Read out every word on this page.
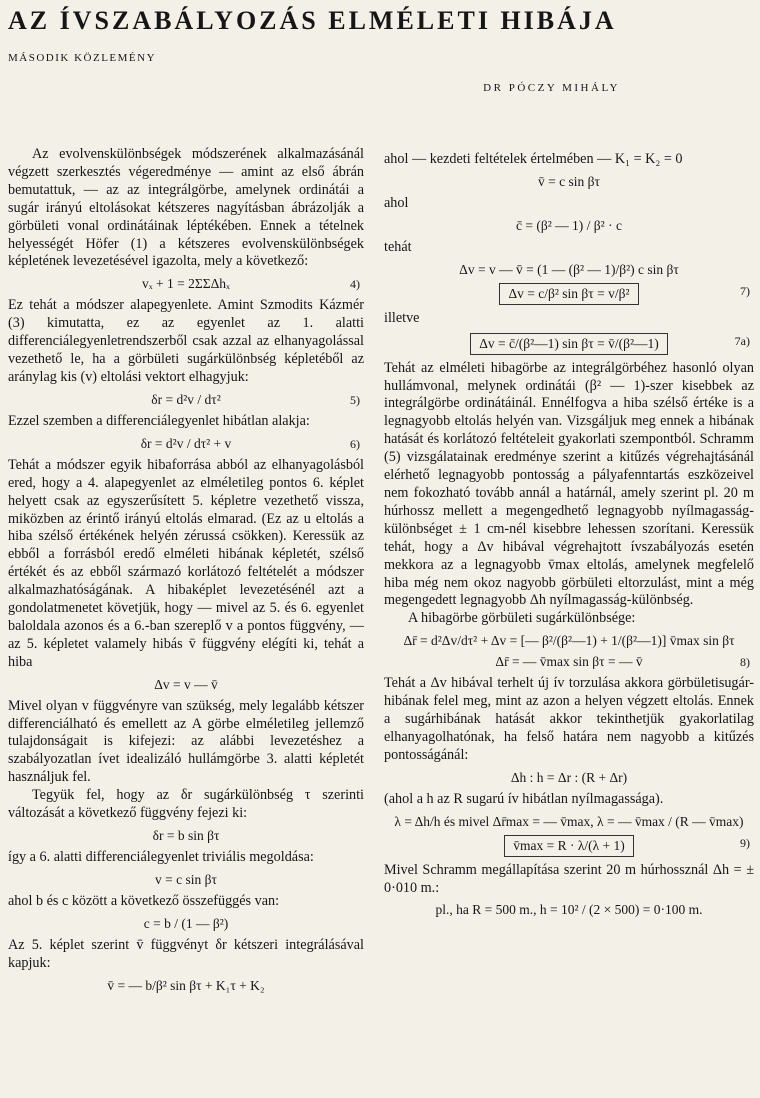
AZ ÍVSZABÁLYOZÁS ELMÉLETI HIBÁJA
MÁSODIK KÖZLEMÉNY
DR PÓCZY MIHÁLY

Az evolvenskülönbségek módszerének alkalmazásánál végzett szerkesztés végeredménye — amint az első ábrán bemutattuk, — az az integrálgörbe, amelynek ordinátái a sugár irányú eltolásokat kétszeres nagyításban ábrázolják a görbületi vonal ordinátáinak léptékében. Ennek a tételnek helyességét Höfer (1) a kétszeres evolvenskülönbségek képletének levezetésével igazolta, mely a következő:

vₓ + 1 = 2ΣΣΔhₓ	4)

Ez tehát a módszer alapegyenlete. Amint Szmodits Kázmér (3) kimutatta, ez az egyenlet az 1. alatti differenciálegyenletrendszerből csak azzal az elhanyagolással vezethető le, ha a görbületi sugárkülönbség képletéből az aránylag kis (v) eltolási vektort elhagyjuk:

δr = d²v / dτ²	5)

Ezzel szemben a differenciálegyenlet hibátlan alakja:

δr = d²v / dτ² + v	6)

Tehát a módszer egyik hibaforrása abból az elhanyagolásból ered, hogy a 4. alapegyenlet az elméletileg pontos 6. képlet helyett csak az egyszerűsített 5. képletre vezethető vissza, miközben az érintő irányú eltolás elmarad. (Ez az u eltolás a hiba szélső értékének helyén zérussá csökken). Keressük az ebből a forrásból eredő elméleti hibának képletét, szélső értékét és az ebből származó korlátozó feltételét a módszer alkalmazhatóságának. A hibaképlet levezetésénél azt a gondolatmenetet követjük, hogy — mivel az 5. és 6. egyenlet baloldala azonos és a 6.-ban szereplő v a pontos függvény, — az 5. képletet valamely hibás v̄ függvény elégíti ki, tehát a hiba

Δv = v — v̄

Mivel olyan v függvényre van szükség, mely legalább kétszer differenciálható és emellett az A görbe elméletileg jellemző tulajdonságait is kifejezi: az alábbi levezetéshez a szabályozatlan ívet idealizáló hullámgörbe 3. alatti képletét használjuk fel.

Tegyük fel, hogy az δr sugárkülönbség τ szerinti változását a következő függvény fejezi ki:

δr = b sin βτ

így a 6. alatti differenciálegyenlet triviális megoldása:

v = c sin βτ

ahol b és c között a következő összefüggés van:

c = b / (1 — β²)

Az 5. képlet szerint v̄ függvényt δr kétszeri integrálásával kapjuk:

v̄ = — b/β² sin βτ + K₁τ + K₂

ahol — kezdeti feltételek értelmében — K₁ = K₂ = 0

v̄ = c sin βτ

ahol

c̄ = (β² — 1) / β² · c

tehát

Δv = v — v̄ = (1 — (β² — 1)/β²) c sin βτ
Δv = c/β² sin βτ = v/β²	7)

illetve

Δv = c̄/(β²—1) sin βτ = v̄/(β²—1)	7a)

Tehát az elméleti hibagörbe az integrálgörbéhez hasonló olyan hullámvonal, melynek ordinátái (β² — 1)-szer kisebbek az integrálgörbe ordinátáinál. Ennélfogva a hiba szélső értéke is a legnagyobb eltolás helyén van. Vizsgáljuk meg ennek a hibának hatását és korlátozó feltételeit gyakorlati szempontból. Schramm (5) vizsgálatainak eredménye szerint a kitűzés végrehajtásánál elérhető legnagyobb pontosság a pályafenntartás eszközeivel nem fokozható tovább annál a határnál, amely szerint pl. 20 m húrhossz mellett a megengedhető legnagyobb nyílmagasság-különbséget ± 1 cm-nél kisebbre lehessen szorítani. Keressük tehát, hogy a Δv hibával végrehajtott ívszabályozás esetén mekkora az a legnagyobb v̄max eltolás, amelynek megfelelő hiba még nem okoz nagyobb görbületi eltorzulást, mint a még megengedett legnagyobb Δh nyílmagasság-különbség.

A hibagörbe görbületi sugárkülönbsége:

Δr̄ = d²Δv/dτ² + Δv = [— β²/(β²—1) + 1/(β²—1)] v̄max sin βτ
Δr̄ = — v̄max sin βτ = — v̄	8)

Tehát a Δv hibával terhelt új ív torzulása akkora görbületisugár-hibának felel meg, mint az azon a helyen végzett eltolás. Ennek a sugárhibának hatását akkor tekinthetjük gyakorlatilag elhanyagolhatónak, ha felső határa nem nagyobb a kitűzés pontosságánál:

Δh : h = Δr : (R + Δr)

(ahol a h az R sugarú ív hibátlan nyílmagassága).

λ = Δh/h és mivel Δr̄max = — v̄max, λ = — v̄max / (R — v̄max)
v̄max = R · λ/(λ + 1)	9)

Mivel Schramm megállapítása szerint 20 m húrhossznál Δh = ± 0·010 m.:

pl., ha R = 500 m., h = 10² / (2 × 500) = 0·100 m.
